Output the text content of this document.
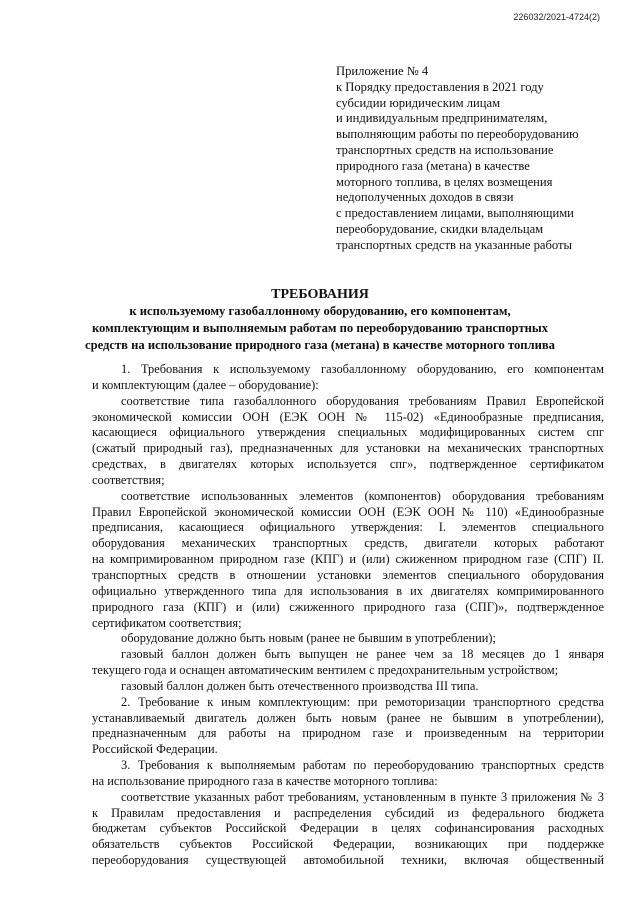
226032/2021-4724(2)
Приложение № 4
к Порядку предоставления в 2021 году
субсидии юридическим лицам
и индивидуальным предпринимателям,
выполняющим работы по переоборудованию
транспортных средств на использование
природного газа (метана) в качестве
моторного топлива, в целях возмещения
недополученных доходов в связи
с предоставлением лицами, выполняющими
переоборудование, скидки владельцам
транспортных средств на указанные работы
ТРЕБОВАНИЯ
к используемому газобаллонному оборудованию, его компонентам,
комплектующим и выполняемым работам по переоборудованию транспортных
средств на использование природного газа (метана) в качестве моторного топлива
1. Требования к используемому газобаллонному оборудованию, его компонентам
и комплектующим (далее – оборудование):
соответствие типа газобаллонного оборудования требованиям Правил Европейской
экономической комиссии ООН (ЕЭК ООН № 115-02) «Единообразные предписания,
касающиеся официального утверждения специальных модифицированных систем спг
(сжатый природный газ), предназначенных для установки на механических транспортных
средствах, в двигателях которых используется спг», подтвержденное сертификатом
соответствия;
соответствие использованных элементов (компонентов) оборудования требованиям
Правил Европейской экономической комиссии ООН (ЕЭК ООН № 110) «Единообразные
предписания, касающиеся официального утверждения: I. элементов специального
оборудования механических транспортных средств, двигатели которых работают
на компримированном природном газе (КПГ) и (или) сжиженном природном газе (СПГ) II.
транспортных средств в отношении установки элементов специального оборудования
официально утвержденного типа для использования в их двигателях компримированного
природного газа (КПГ) и (или) сжиженного природного газа (СПГ)», подтвержденное
сертификатом соответствия;
оборудование должно быть новым (ранее не бывшим в употреблении);
газовый баллон должен быть выпущен не ранее чем за 18 месяцев до 1 января
текущего года и оснащен автоматическим вентилем с предохранительным устройством;
газовый баллон должен быть отечественного производства III типа.
2. Требование к иным комплектующим: при ремоторизации транспортного средства
устанавливаемый двигатель должен быть новым (ранее не бывшим в употреблении),
предназначенным для работы на природном газе и произведенным на территории
Российской Федерации.
3. Требования к выполняемым работам по переоборудованию транспортных средств
на использование природного газа в качестве моторного топлива:
соответствие указанных работ требованиям, установленным в пункте 3 приложения № 3
к Правилам предоставления и распределения субсидий из федерального бюджета
бюджетам субъектов Российской Федерации в целях софинансирования расходных
обязательств субъектов Российской Федерации, возникающих при поддержке
переоборудования существующей автомобильной техники, включая общественный
